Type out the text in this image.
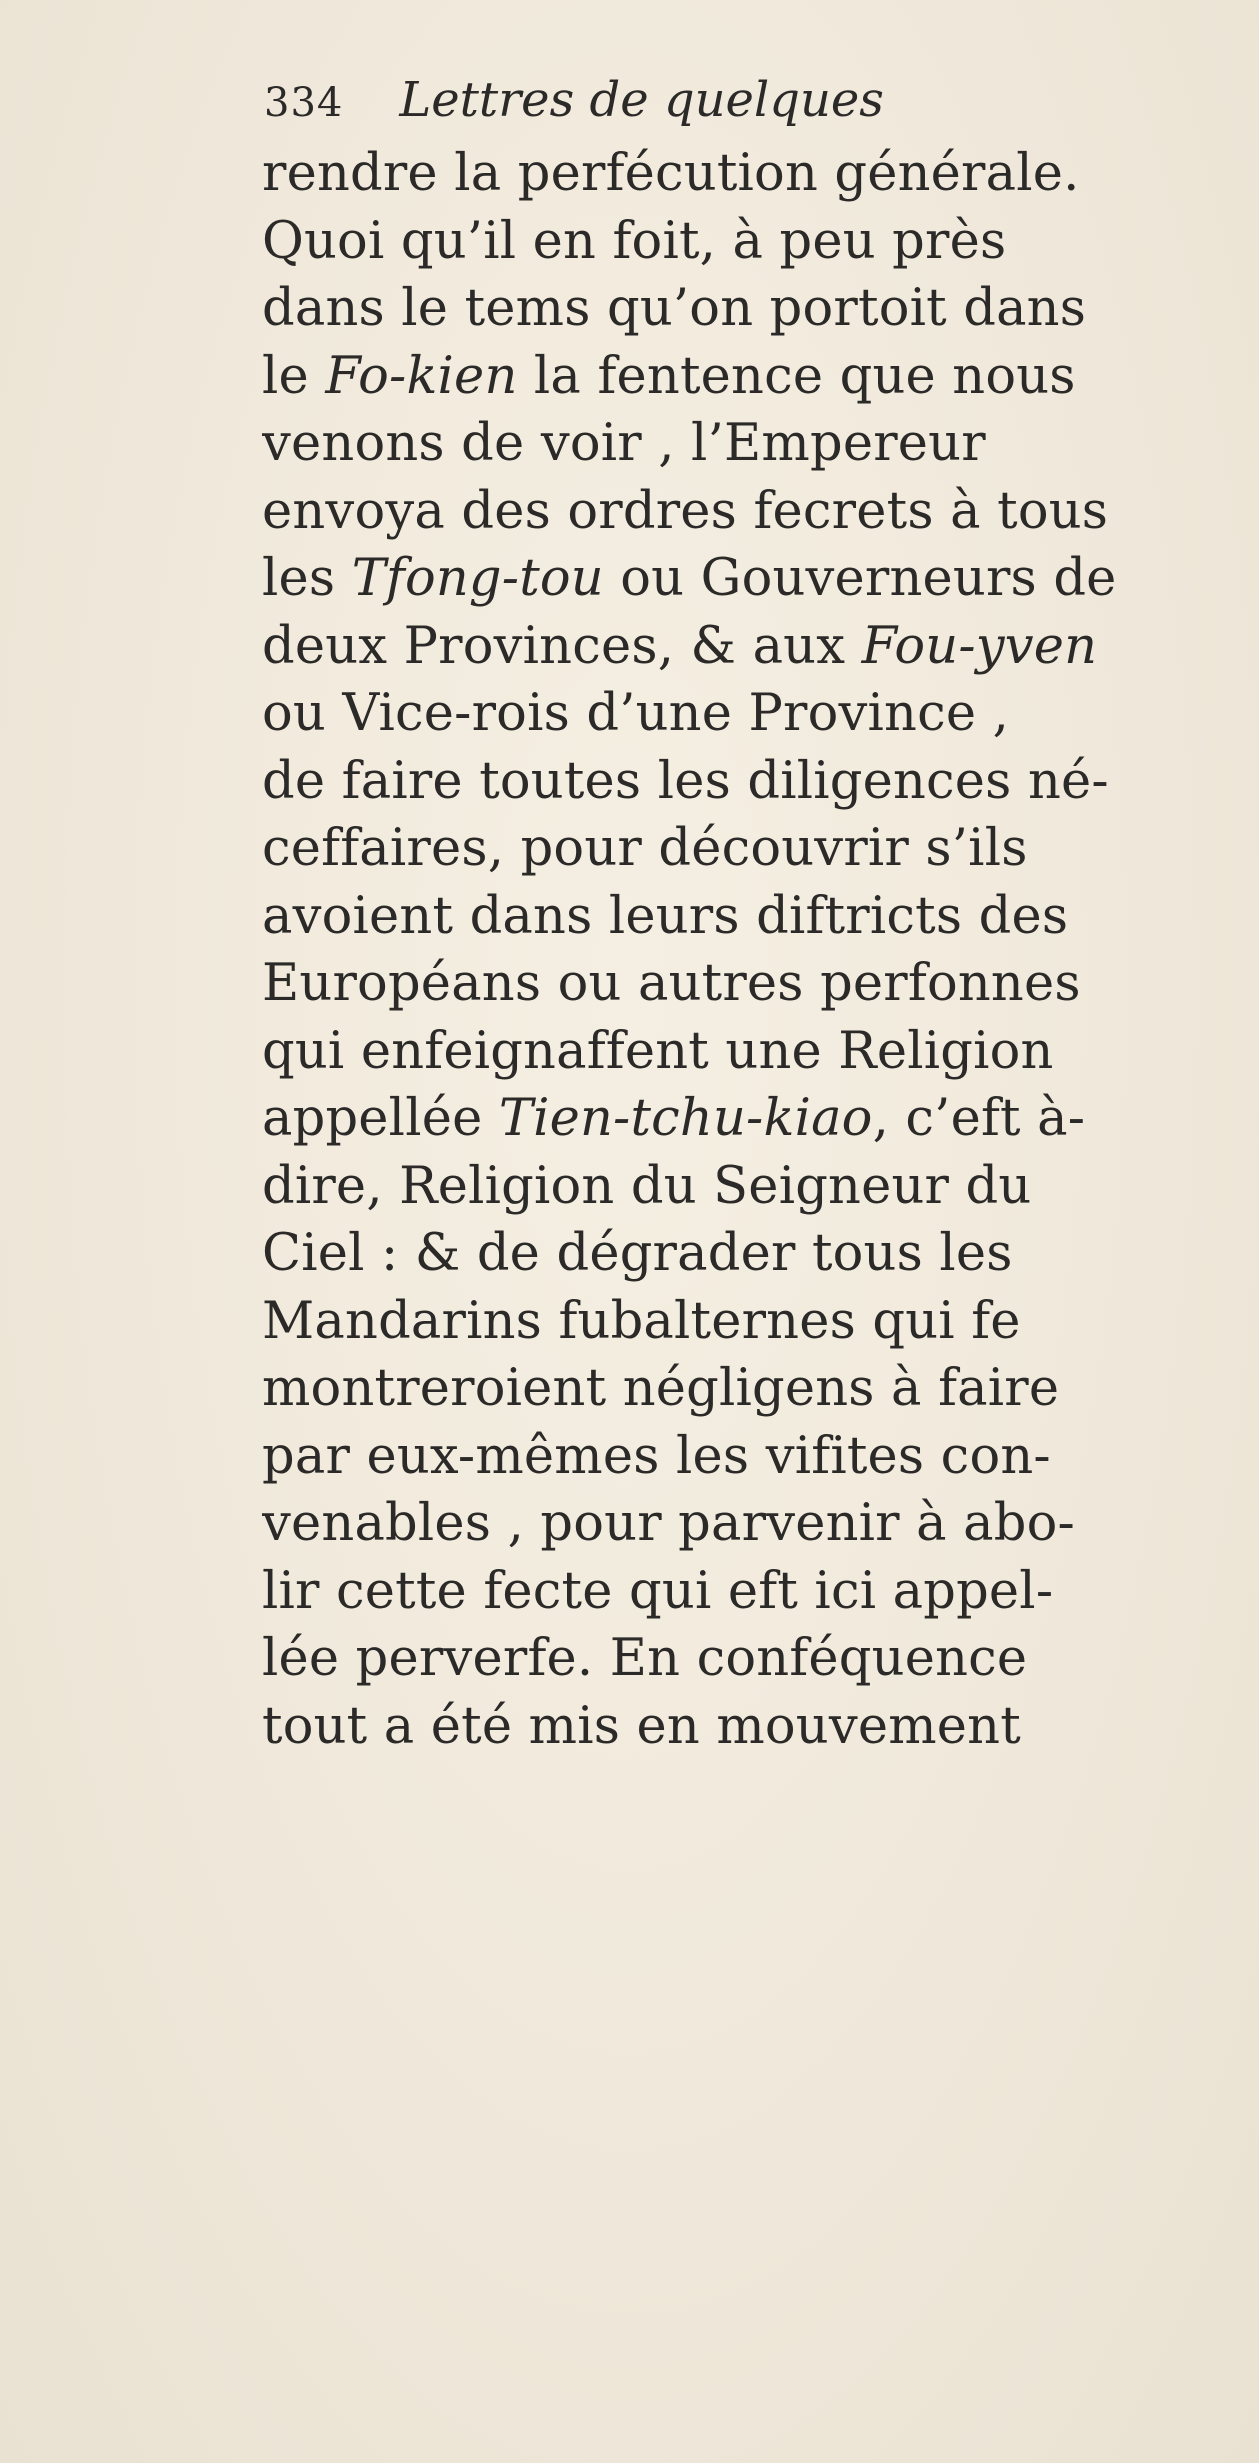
334 Lettres de quelques
rendre la perfécution générale.
Quoi qu’il en foit, à peu près
dans le tems qu’on portoit dans
le Fo-kien la fentence que nous
venons de voir , l’Empereur
envoya des ordres fecrets à tous
les Tfong-tou ou Gouverneurs de
deux Provinces, & aux Fou-yven
ou Vice-rois d’une Province ,
de faire toutes les diligences né-
ceffaires, pour découvrir s’ils
avoient dans leurs diftricts des
Européans ou autres perfonnes
qui enfeignaffent une Religion
appellée Tien-tchu-kiao, c’eft à-
dire, Religion du Seigneur du
Ciel : & de dégrader tous les
Mandarins fubalternes qui fe
montreroient négligens à faire
par eux-mêmes les vifites con-
venables , pour parvenir à abo-
lir cette fecte qui eft ici appel-
lée perverfe. En conféquence
tout a été mis en mouvement
